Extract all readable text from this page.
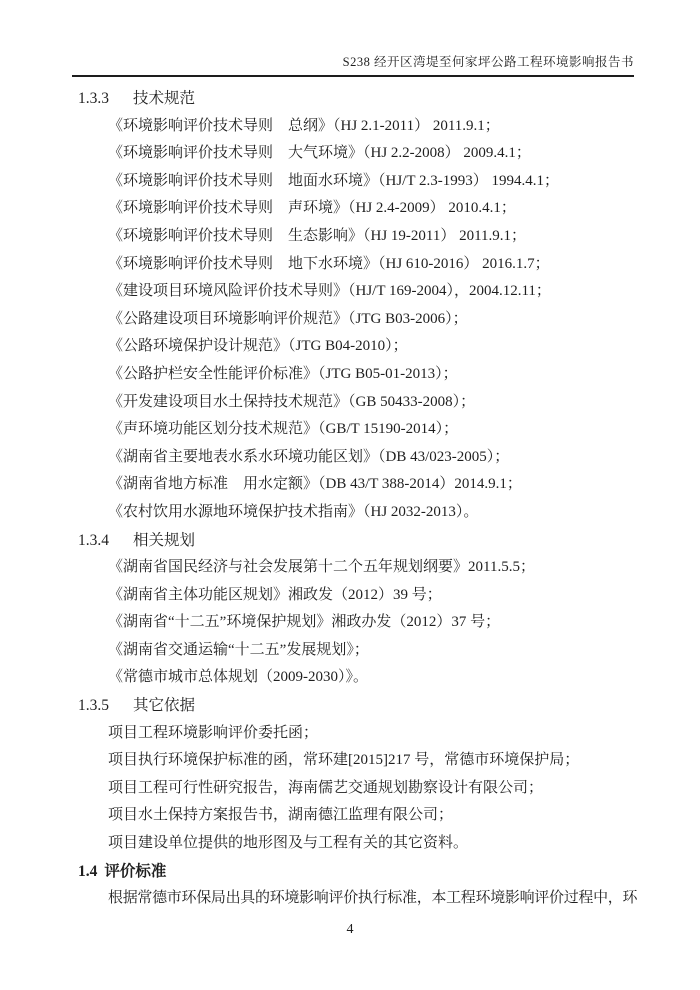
S238 经开区湾堤至何家坪公路工程环境影响报告书
1.3.3 技术规范

《环境影响评价技术导则　总纲》（HJ 2.1-2011） 2011.9.1；

《环境影响评价技术导则　大气环境》（HJ 2.2-2008） 2009.4.1；

《环境影响评价技术导则　地面水环境》（HJ/T 2.3-1993） 1994.4.1；

《环境影响评价技术导则　声环境》（HJ 2.4-2009） 2010.4.1；

《环境影响评价技术导则　生态影响》（HJ 19-2011） 2011.9.1；

《环境影响评价技术导则　地下水环境》（HJ 610-2016） 2016.1.7；

《建设项目环境风险评价技术导则》（HJ/T 169-2004），2004.12.11；

《公路建设项目环境影响评价规范》（JTG B03-2006）；

《公路环境保护设计规范》（JTG B04-2010）；

《公路护栏安全性能评价标准》（JTG B05-01-2013）；

《开发建设项目水土保持技术规范》（GB 50433-2008）；

《声环境功能区划分技术规范》（GB/T 15190-2014）；

《湖南省主要地表水系水环境功能区划》（DB 43/023-2005）；

《湖南省地方标准　用水定额》（DB 43/T 388-2014）2014.9.1；

《农村饮用水源地环境保护技术指南》（HJ 2032-2013）。

1.3.4 相关规划

《湖南省国民经济与社会发展第十二个五年规划纲要》2011.5.5；

《湖南省主体功能区规划》湘政发（2012）39 号；

《湖南省“十二五”环境保护规划》湘政办发（2012）37 号；

《湖南省交通运输“十二五”发展规划》；

《常德市城市总体规划（2009-2030）》。

1.3.5 其它依据

项目工程环境影响评价委托函；

项目执行环境保护标准的函，常环建[2015]217 号，常德市环境保护局；

项目工程可行性研究报告，海南儒艺交通规划勘察设计有限公司；

项目水土保持方案报告书，湖南德江监理有限公司；

项目建设单位提供的地形图及与工程有关的其它资料。

1.4 评价标准

根据常德市环保局出具的环境影响评价执行标准，本工程环境影响评价过程中，环

4
